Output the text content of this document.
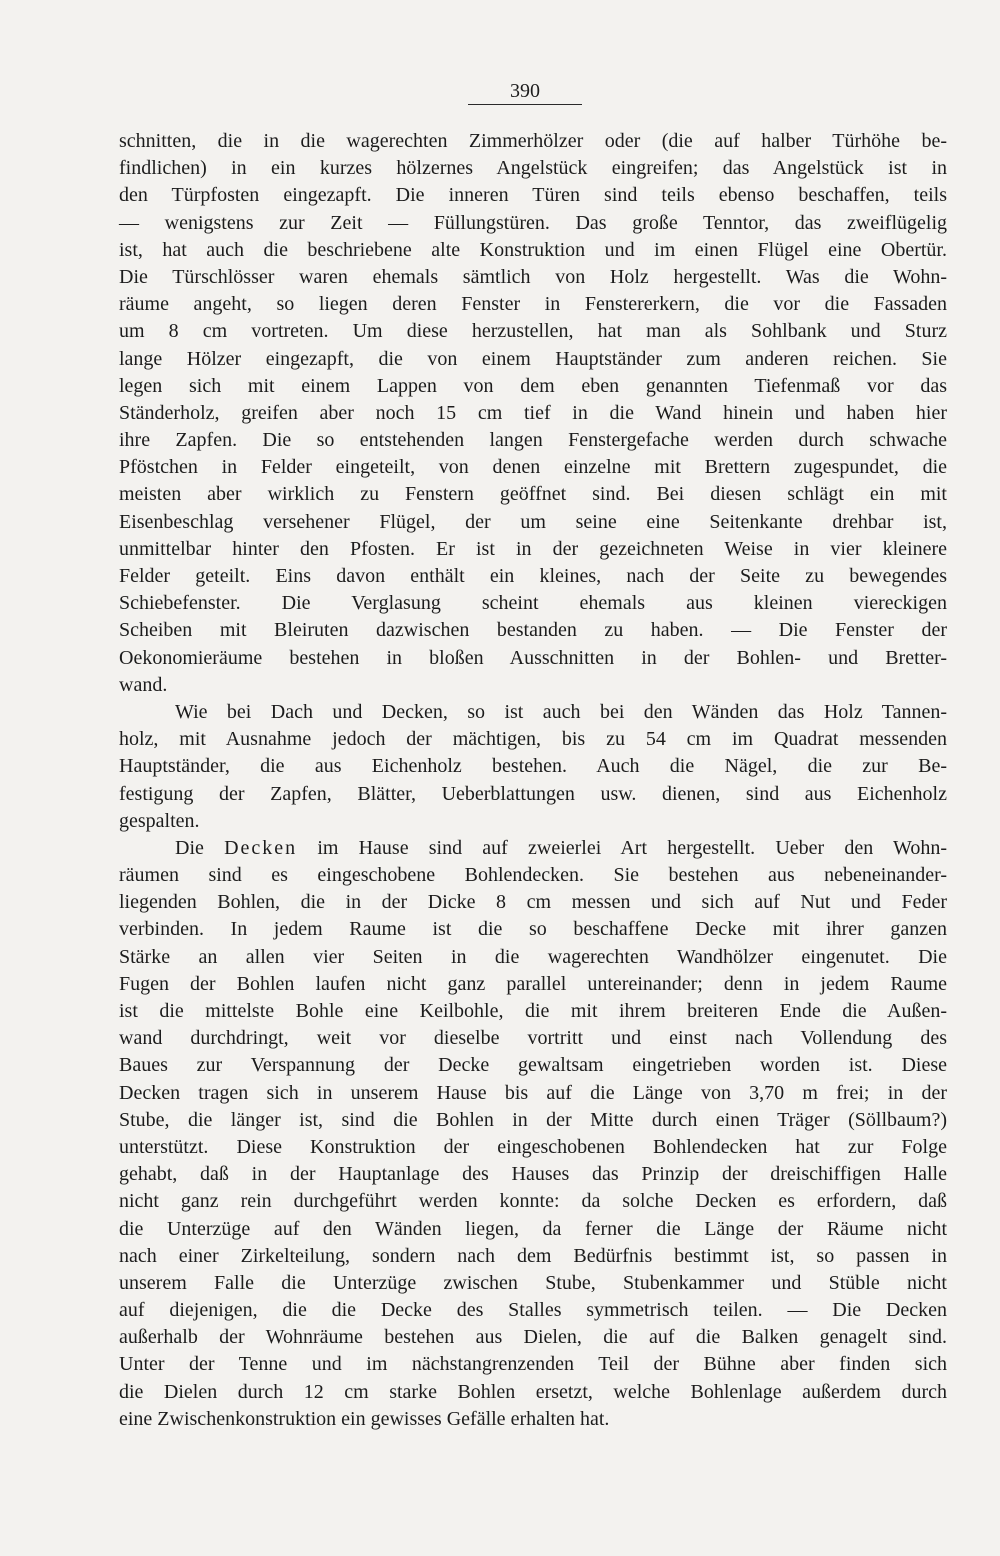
390
schnitten, die in die wagerechten Zimmerhölzer oder (die auf halber Türhöhe be-
findlichen) in ein kurzes hölzernes Angelstück eingreifen; das Angelstück ist in
den Türpfosten eingezapft. Die inneren Türen sind teils ebenso beschaffen, teils
— wenigstens zur Zeit — Füllungstüren. Das große Tenntor, das zweiflügelig
ist, hat auch die beschriebene alte Konstruktion und im einen Flügel eine Obertür.
Die Türschlösser waren ehemals sämtlich von Holz hergestellt. Was die Wohn-
räume angeht, so liegen deren Fenster in Fenstererkern, die vor die Fassaden
um 8 cm vortreten. Um diese herzustellen, hat man als Sohlbank und Sturz
lange Hölzer eingezapft, die von einem Hauptständer zum anderen reichen. Sie
legen sich mit einem Lappen von dem eben genannten Tiefenmaß vor das
Ständerholz, greifen aber noch 15 cm tief in die Wand hinein und haben hier
ihre Zapfen. Die so entstehenden langen Fenstergefache werden durch schwache
Pföstchen in Felder eingeteilt, von denen einzelne mit Brettern zugespundet, die
meisten aber wirklich zu Fenstern geöffnet sind. Bei diesen schlägt ein mit
Eisenbeschlag versehener Flügel, der um seine eine Seitenkante drehbar ist,
unmittelbar hinter den Pfosten. Er ist in der gezeichneten Weise in vier kleinere
Felder geteilt. Eins davon enthält ein kleines, nach der Seite zu bewegendes
Schiebefenster. Die Verglasung scheint ehemals aus kleinen viereckigen
Scheiben mit Bleiruten dazwischen bestanden zu haben. — Die Fenster der
Oekonomieräume bestehen in bloßen Ausschnitten in der Bohlen- und Bretter-
wand.
Wie bei Dach und Decken, so ist auch bei den Wänden das Holz Tannen-
holz, mit Ausnahme jedoch der mächtigen, bis zu 54 cm im Quadrat messenden
Hauptständer, die aus Eichenholz bestehen. Auch die Nägel, die zur Be-
festigung der Zapfen, Blätter, Ueberblattungen usw. dienen, sind aus Eichenholz
gespalten.
Die Decken im Hause sind auf zweierlei Art hergestellt. Ueber den Wohn-
räumen sind es eingeschobene Bohlendecken. Sie bestehen aus nebeneinander-
liegenden Bohlen, die in der Dicke 8 cm messen und sich auf Nut und Feder
verbinden. In jedem Raume ist die so beschaffene Decke mit ihrer ganzen
Stärke an allen vier Seiten in die wagerechten Wandhölzer eingenutet. Die
Fugen der Bohlen laufen nicht ganz parallel untereinander; denn in jedem Raume
ist die mittelste Bohle eine Keilbohle, die mit ihrem breiteren Ende die Außen-
wand durchdringt, weit vor dieselbe vortritt und einst nach Vollendung des
Baues zur Verspannung der Decke gewaltsam eingetrieben worden ist. Diese
Decken tragen sich in unserem Hause bis auf die Länge von 3,70 m frei; in der
Stube, die länger ist, sind die Bohlen in der Mitte durch einen Träger (Söllbaum?)
unterstützt. Diese Konstruktion der eingeschobenen Bohlendecken hat zur Folge
gehabt, daß in der Hauptanlage des Hauses das Prinzip der dreischiffigen Halle
nicht ganz rein durchgeführt werden konnte: da solche Decken es erfordern, daß
die Unterzüge auf den Wänden liegen, da ferner die Länge der Räume nicht
nach einer Zirkelteilung, sondern nach dem Bedürfnis bestimmt ist, so passen in
unserem Falle die Unterzüge zwischen Stube, Stubenkammer und Stüble nicht
auf diejenigen, die die Decke des Stalles symmetrisch teilen. — Die Decken
außerhalb der Wohnräume bestehen aus Dielen, die auf die Balken genagelt sind.
Unter der Tenne und im nächstangrenzenden Teil der Bühne aber finden sich
die Dielen durch 12 cm starke Bohlen ersetzt, welche Bohlenlage außerdem durch
eine Zwischenkonstruktion ein gewisses Gefälle erhalten hat.
